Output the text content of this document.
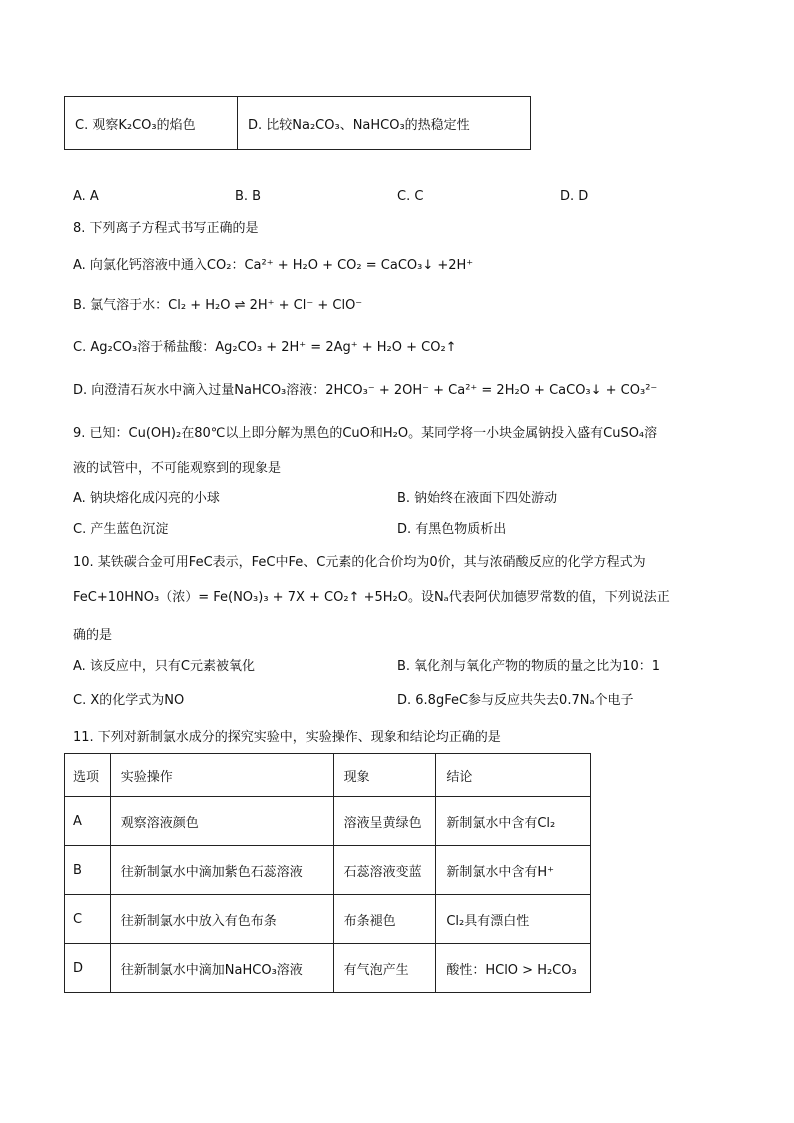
C. 观察K₂CO₃的焰色	D. 比较Na₂CO₃、NaHCO₃的热稳定性
A. A	B. B	C. C	D. D
8. 下列离子方程式书写正确的是
A. 向氯化钙溶液中通入CO₂：Ca²⁺ + H₂O + CO₂ = CaCO₃↓ +2H⁺
B. 氯气溶于水：Cl₂ + H₂O ⇌ 2H⁺ + Cl⁻ + ClO⁻
C. Ag₂CO₃溶于稀盐酸：Ag₂CO₃ + 2H⁺ = 2Ag⁺ + H₂O + CO₂↑
D. 向澄清石灰水中滴入过量NaHCO₃溶液：2HCO₃⁻ + 2OH⁻ + Ca²⁺ = 2H₂O + CaCO₃↓ + CO₃²⁻
9. 已知：Cu(OH)₂在80℃以上即分解为黑色的CuO和H₂O。某同学将一小块金属钠投入盛有CuSO₄溶
液的试管中，不可能观察到的现象是
A. 钠块熔化成闪亮的小球	B. 钠始终在液面下四处游动
C. 产生蓝色沉淀	D. 有黑色物质析出
10. 某铁碳合金可用FeC表示，FeC中Fe、C元素的化合价均为0价，其与浓硝酸反应的化学方程式为
FeC+10HNO₃（浓）= Fe(NO₃)₃ + 7X + CO₂↑ +5H₂O。设Nₐ代表阿伏加德罗常数的值，下列说法正
确的是
A. 该反应中，只有C元素被氧化	B. 氧化剂与氧化产物的物质的量之比为10：1
C. X的化学式为NO	D. 6.8gFeC参与反应共失去0.7Nₐ个电子
11. 下列对新制氯水成分的探究实验中，实验操作、现象和结论均正确的是
选项	实验操作	现象	结论
A	观察溶液颜色	溶液呈黄绿色	新制氯水中含有Cl₂
B	往新制氯水中滴加紫色石蕊溶液	石蕊溶液变蓝	新制氯水中含有H⁺
C	往新制氯水中放入有色布条	布条褪色	Cl₂具有漂白性
D	往新制氯水中滴加NaHCO₃溶液	有气泡产生	酸性：HClO > H₂CO₃
